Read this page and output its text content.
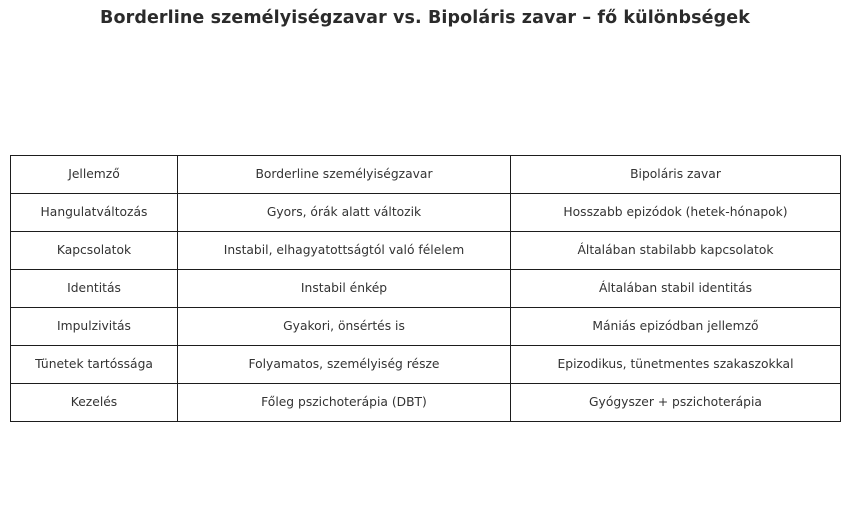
Borderline személyiségzavar vs. Bipoláris zavar – fő különbségek
Jellemző	Borderline személyiségzavar	Bipoláris zavar
Hangulatváltozás	Gyors, órák alatt változik	Hosszabb epizódok (hetek-hónapok)
Kapcsolatok	Instabil, elhagyatottságtól való félelem	Általában stabilabb kapcsolatok
Identitás	Instabil énkép	Általában stabil identitás
Impulzivitás	Gyakori, önsértés is	Mániás epizódban jellemző
Tünetek tartóssága	Folyamatos, személyiség része	Epizodikus, tünetmentes szakaszokkal
Kezelés	Főleg pszichoterápia (DBT)	Gyógyszer + pszichoterápia
